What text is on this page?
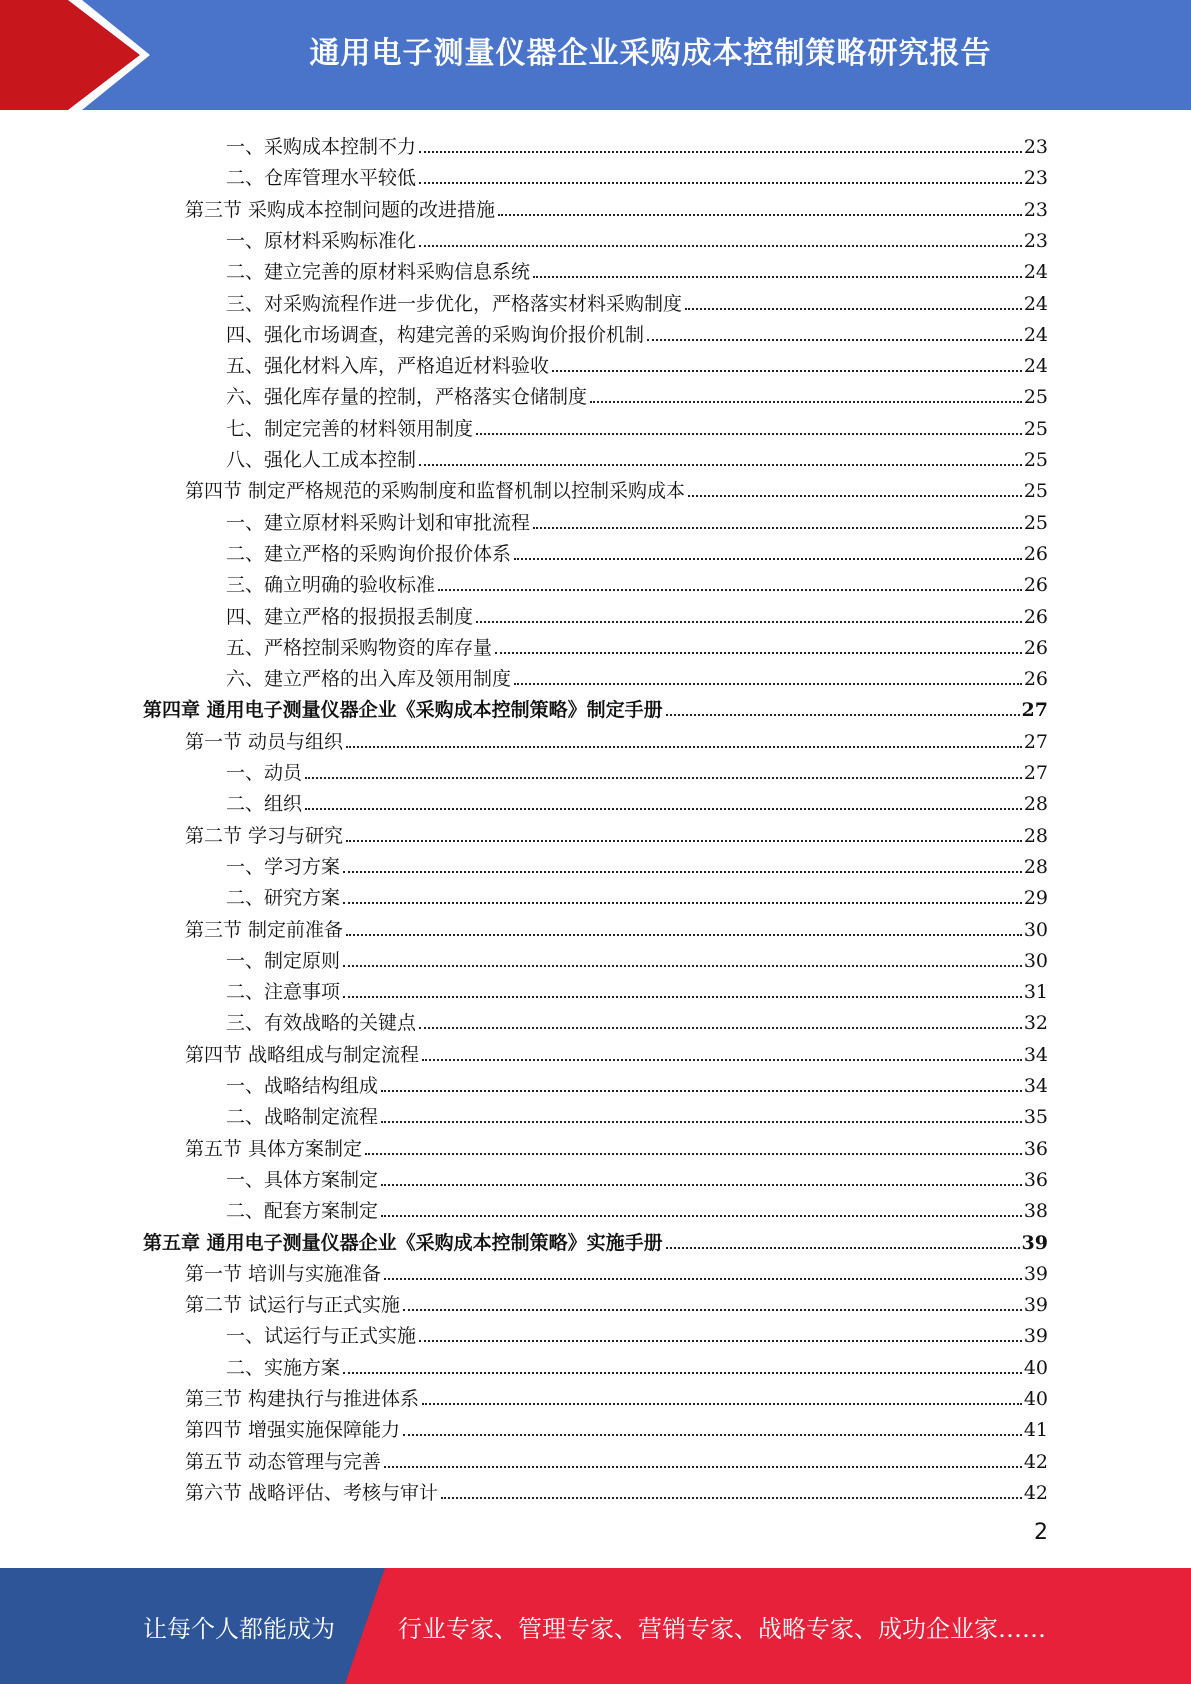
通用电子测量仪器企业采购成本控制策略研究报告
一、采购成本控制不力	23
二、仓库管理水平较低	23
第三节 采购成本控制问题的改进措施	23
一、原材料采购标准化	23
二、建立完善的原材料采购信息系统	24
三、对采购流程作进一步优化，严格落实材料采购制度	24
四、强化市场调查，构建完善的采购询价报价机制	24
五、强化材料入库，严格追近材料验收	24
六、强化库存量的控制，严格落实仓储制度	25
七、制定完善的材料领用制度	25
八、强化人工成本控制	25
第四节 制定严格规范的采购制度和监督机制以控制采购成本	25
一、建立原材料采购计划和审批流程	25
二、建立严格的采购询价报价体系	26
三、确立明确的验收标准	26
四、建立严格的报损报丢制度	26
五、严格控制采购物资的库存量	26
六、建立严格的出入库及领用制度	26
第四章 通用电子测量仪器企业《采购成本控制策略》制定手册	27
第一节 动员与组织	27
一、动员	27
二、组织	28
第二节 学习与研究	28
一、学习方案	28
二、研究方案	29
第三节 制定前准备	30
一、制定原则	30
二、注意事项	31
三、有效战略的关键点	32
第四节 战略组成与制定流程	34
一、战略结构组成	34
二、战略制定流程	35
第五节 具体方案制定	36
一、具体方案制定	36
二、配套方案制定	38
第五章 通用电子测量仪器企业《采购成本控制策略》实施手册	39
第一节 培训与实施准备	39
第二节 试运行与正式实施	39
一、试运行与正式实施	39
二、实施方案	40
第三节 构建执行与推进体系	40
第四节 增强实施保障能力	41
第五节 动态管理与完善	42
第六节 战略评估、考核与审计	42
2
让每个人都能成为	行业专家、管理专家、营销专家、战略专家、成功企业家……
